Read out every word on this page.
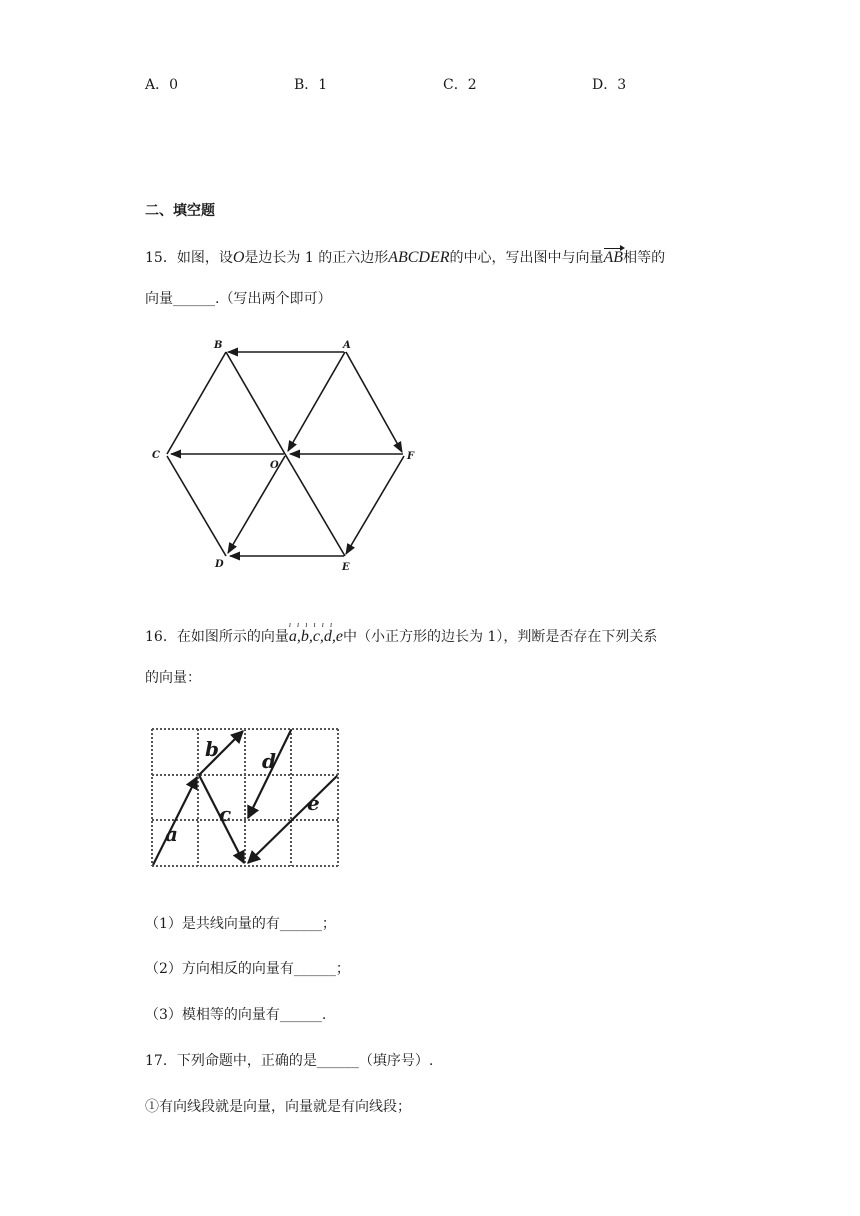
A．0	B．1	C．2	D．3
二、填空题
15．如图，设O是边长为 1 的正六边形ABCDER的中心，写出图中与向量AB相等的
向量______.（写出两个即可）
B	A
C
O
F
D	E
16．在如图所示的向量
ıııııı
a,b,c,d,e中（小正方形的边长为 1），判断是否存在下列关系
的向量：
a
b
c
d
e
（1）是共线向量的有______；
（2）方向相反的向量有______；
（3）模相等的向量有______.
17．下列命题中，正确的是______（填序号）.
①有向线段就是向量，向量就是有向线段；
